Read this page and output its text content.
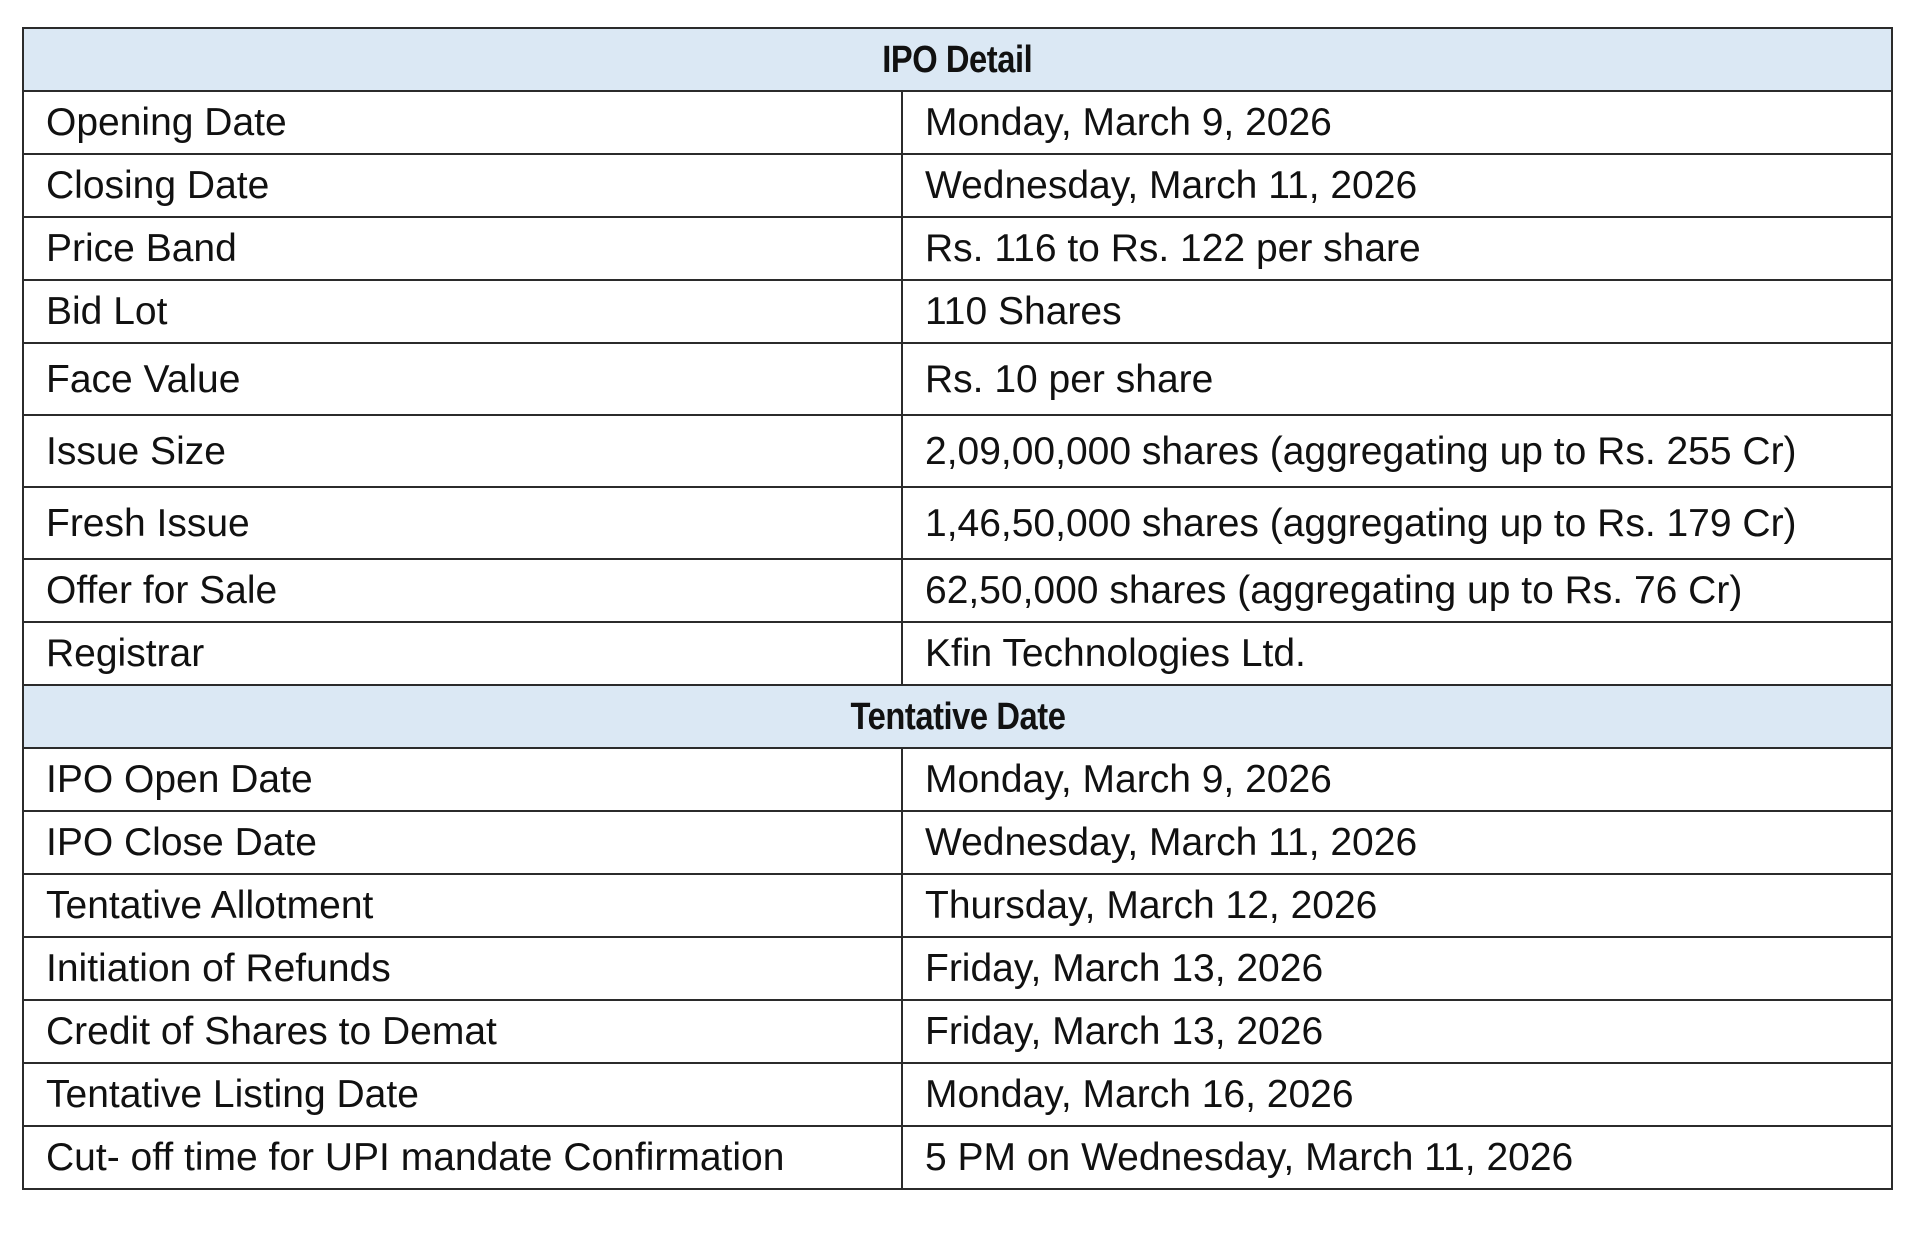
IPO Detail	
Opening Date	Monday, March 9, 2026
Closing Date	Wednesday, March 11, 2026
Price Band	Rs. 116 to Rs. 122 per share
Bid Lot	110 Shares
Face Value	Rs. 10 per share
Issue Size	2,09,00,000 shares (aggregating up to Rs. 255 Cr)
Fresh Issue	1,46,50,000 shares (aggregating up to Rs. 179 Cr)
Offer for Sale	62,50,000 shares (aggregating up to Rs. 76 Cr)
Registrar	Kfin Technologies Ltd.
Tentative Date	
IPO Open Date	Monday, March 9, 2026
IPO Close Date	Wednesday, March 11, 2026
Tentative Allotment	Thursday, March 12, 2026
Initiation of Refunds	Friday, March 13, 2026
Credit of Shares to Demat	Friday, March 13, 2026
Tentative Listing Date	Monday, March 16, 2026
Cut- off time for UPI mandate Confirmation	5 PM on Wednesday, March 11, 2026
